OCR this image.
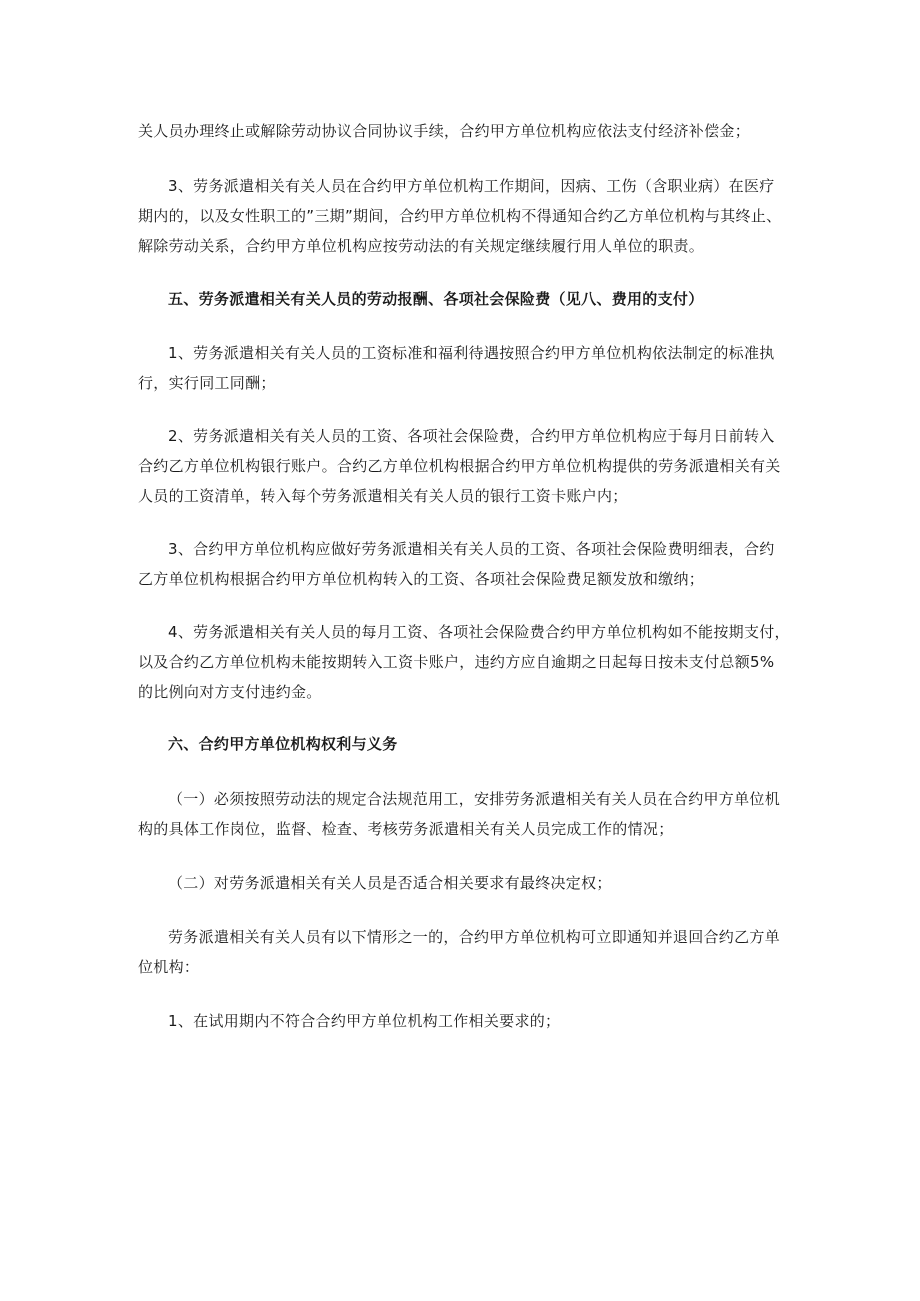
关人员办理终止或解除劳动协议合同协议手续，合约甲方单位机构应依法支付经济补偿金；

3、劳务派遣相关有关人员在合约甲方单位机构工作期间，因病、工伤（含职业病）在医疗
期内的，以及女性职工的”三期”期间，合约甲方单位机构不得通知合约乙方单位机构与其终止、
解除劳动关系，合约甲方单位机构应按劳动法的有关规定继续履行用人单位的职责。

五、劳务派遣相关有关人员的劳动报酬、各项社会保险费（见八、费用的支付）

1、劳务派遣相关有关人员的工资标准和福利待遇按照合约甲方单位机构依法制定的标准执
行，实行同工同酬；

2、劳务派遣相关有关人员的工资、各项社会保险费，合约甲方单位机构应于每月日前转入
合约乙方单位机构银行账户。合约乙方单位机构根据合约甲方单位机构提供的劳务派遣相关有关
人员的工资清单，转入每个劳务派遣相关有关人员的银行工资卡账户内；

3、合约甲方单位机构应做好劳务派遣相关有关人员的工资、各项社会保险费明细表，合约
乙方单位机构根据合约甲方单位机构转入的工资、各项社会保险费足额发放和缴纳；

4、劳务派遣相关有关人员的每月工资、各项社会保险费合约甲方单位机构如不能按期支付，
以及合约乙方单位机构未能按期转入工资卡账户，违约方应自逾期之日起每日按未支付总额5%
的比例向对方支付违约金。

六、合约甲方单位机构权利与义务

（一）必须按照劳动法的规定合法规范用工，安排劳务派遣相关有关人员在合约甲方单位机
构的具体工作岗位，监督、检查、考核劳务派遣相关有关人员完成工作的情况；

（二）对劳务派遣相关有关人员是否适合相关要求有最终决定权；

劳务派遣相关有关人员有以下情形之一的，合约甲方单位机构可立即通知并退回合约乙方单
位机构：

1、在试用期内不符合合约甲方单位机构工作相关要求的；
